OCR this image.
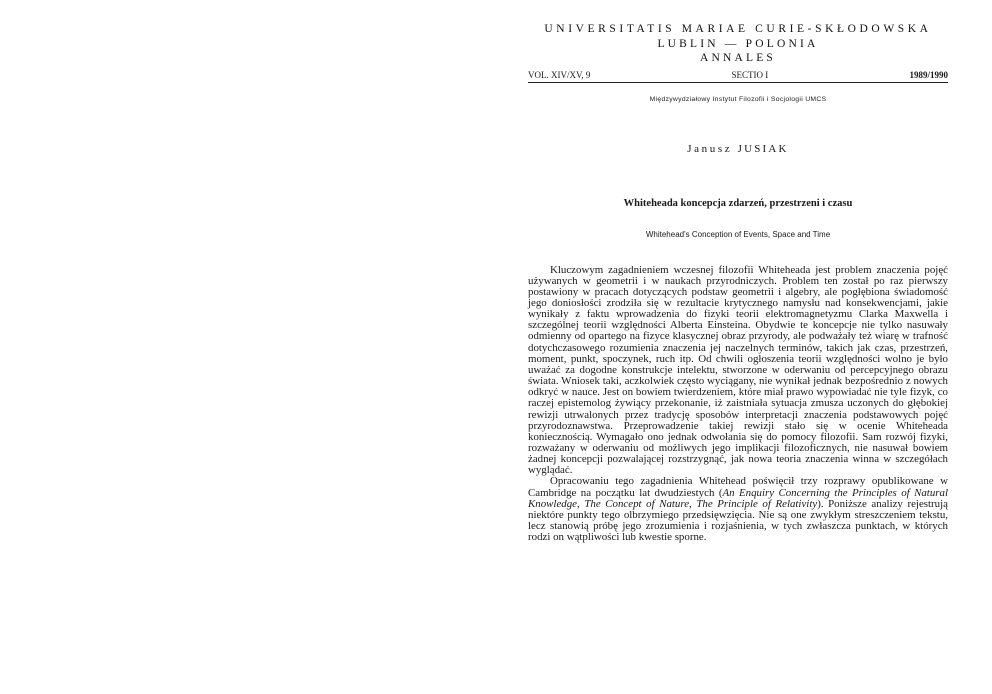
UNIVERSITATIS MARIAE CURIE-SKŁODOWSKA

LUBLIN — POLONIA

ANNALES

VOL. XIV/XV, 9	SECTIO I	1989/1990
Międzywydziałowy Instytut Filozofii i Socjologii UMCS
Janusz JUSIAK
Whiteheada koncepcja zdarzeń, przestrzeni i czasu
Whitehead's Conception of Events, Space and Time

Kluczowym zagadnieniem wczesnej filozofii Whiteheada jest problem znaczenia pojęć używanych w geometrii i w naukach przyrodniczych. Problem ten został po raz pierwszy postawiony w pracach dotyczących podstaw geometrii i algebry, ale pogłębiona świadomość jego doniosłości zrodziła się w rezultacie krytycznego namysłu nad konsekwencjami, jakie wynikały z faktu wprowadzenia do fizyki teorii elektromagnetyzmu Clarka Maxwella i szczególnej teorii względności Alberta Einsteina. Obydwie te koncepcje nie tylko nasuwały odmienny od opartego na fizyce klasycznej obraz przyrody, ale podważały też wiarę w trafność dotychczasowego rozumienia znaczenia jej naczelnych terminów, takich jak czas, przestrzeń, moment, punkt, spoczynek, ruch itp. Od chwili ogłoszenia teorii względności wolno je było uważać za dogodne konstrukcje intelektu, stworzone w oderwaniu od percepcyjnego obrazu świata. Wniosek taki, aczkolwiek często wyciągany, nie wynikał jednak bezpośrednio z nowych odkryć w nauce. Jest on bowiem twierdzeniem, które miał prawo wypowiadać nie tyle fizyk, co raczej epistemolog żywiący przekonanie, iż zaistniała sytuacja zmusza uczonych do głębokiej rewizji utrwalonych przez tradycję sposobów interpretacji znaczenia podstawowych pojęć przyrodoznawstwa. Przeprowadzenie takiej rewizji stało się w ocenie Whiteheada koniecznością. Wymagało ono jednak odwołania się do pomocy filozofii. Sam rozwój fizyki, rozważany w oderwaniu od możliwych jego implikacji filozoficznych, nie nasuwał bowiem żadnej koncepcji pozwalającej rozstrzygnąć, jak nowa teoria znaczenia winna w szczegółach wyglądać.

Opracowaniu tego zagadnienia Whitehead poświęcił trzy rozprawy opublikowane w Cambridge na początku lat dwudziestych (An Enquiry Concerning the Principles of Natural Knowledge, The Concept of Nature, The Principle of Relativity). Poniższe analizy rejestrują niektóre punkty tego olbrzymiego przedsięwzięcia. Nie są one zwykłym streszczeniem tekstu, lecz stanowią próbę jego zrozumienia i rozjaśnienia, w tych zwłaszcza punktach, w których rodzi on wątpliwości lub kwestie sporne.
